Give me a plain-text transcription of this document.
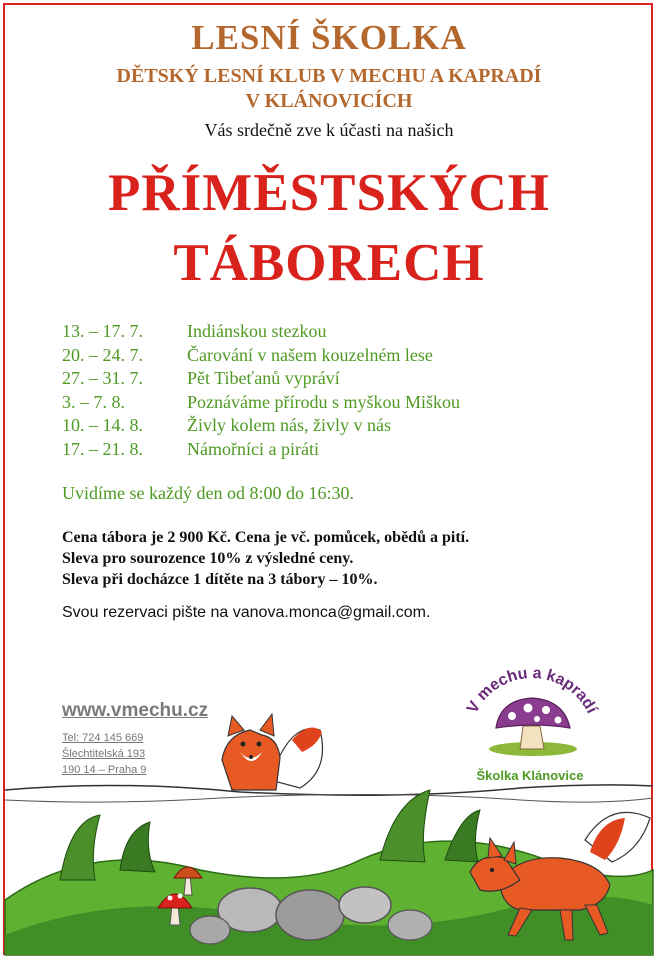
LESNÍ ŠKOLKA
DĚTSKÝ LESNÍ KLUB V MECHU A KAPRADÍ
V KLÁNOVICÍCH
Vás srdečně zve k účasti na našich
PŘÍMĚSTSKÝCH
TÁBORECH
13. – 17. 7.	Indiánskou stezkou
20. – 24. 7.	Čarování v našem kouzelném lese
27. – 31. 7.	Pět Tibeťanů vypráví
3. – 7. 8.	Poznáváme přírodu s myškou Miškou
10. – 14. 8.	Živly kolem nás, živly v nás
17. – 21. 8.	Námořníci a piráti
Uvidíme se každý den od 8:00 do 16:30.
Cena tábora je 2 900 Kč. Cena je vč. pomůcek, obědů a pití.
Sleva pro sourozence 10% z výsledné ceny.
Sleva při docházce 1 dítěte na 3 tábory – 10%.
Svou rezervaci pište na vanova.monca@gmail.com.
www.vmechu.cz
Tel: 724 145 669
Šlechtitelská 193
190 14 – Praha 9
V mechu a kapradí
Školka Klánovice
